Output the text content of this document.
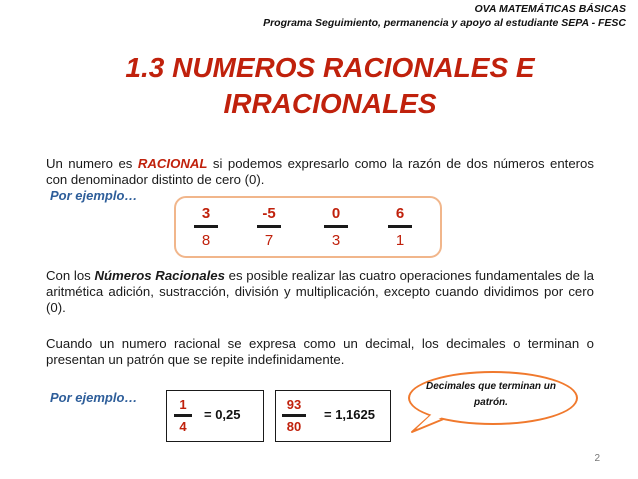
OVA MATEMÁTICAS BÁSICAS
Programa Seguimiento, permanencia y apoyo al estudiante SEPA - FESC
1.3 NUMEROS RACIONALES E
IRRACIONALES
Un numero es RACIONAL si podemos expresarlo como la razón de dos números enteros con denominador distinto de cero (0).
Por ejemplo…
3
8
-5
7
0
3
6
1
Con los Números Racionales es posible realizar las cuatro operaciones fundamentales de la aritmética adición, sustracción, división y multiplicación, excepto cuando dividimos por cero (0).
Cuando un numero racional se expresa como un decimal, los decimales o terminan o presentan un patrón que se repite indefinidamente.
Por ejemplo…	1
4
= 0,25
93
80
= 1,1625
Decimales que terminan un patrón.
2
